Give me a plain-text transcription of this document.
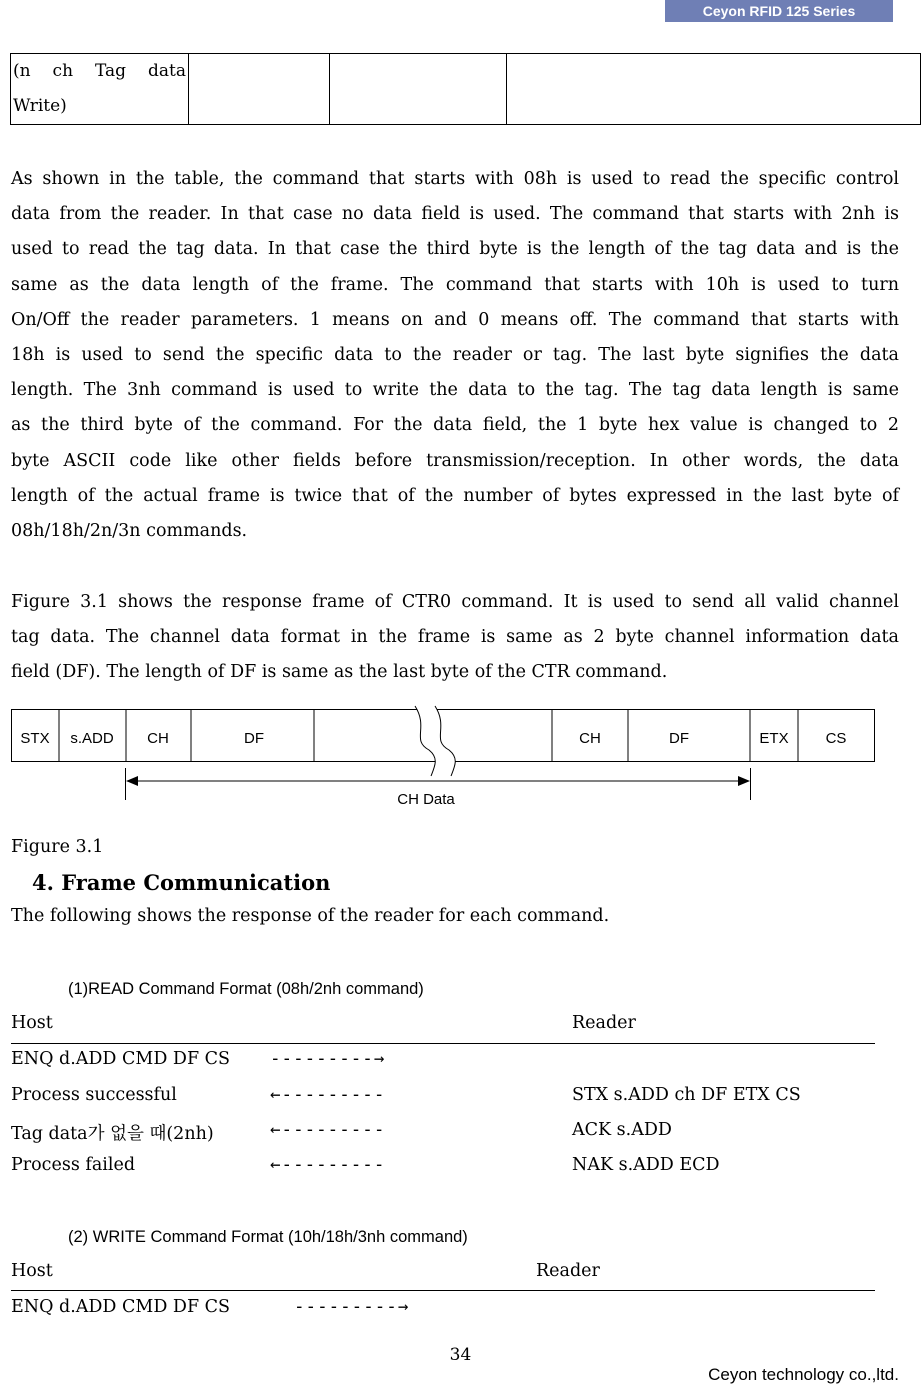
Ceyon RFID 125 Series
(n ch Tag data
Write)

As shown in the table, the command that starts with 08h is used to read the specific control
data from the reader. In that case no data field is used. The command that starts with 2nh is
used to read the tag data. In that case the third byte is the length of the tag data and is the
same as the data length of the frame. The command that starts with 10h is used to turn
On/Off the reader parameters. 1 means on and 0 means off. The command that starts with
18h is used to send the specific data to the reader or tag. The last byte signifies the data
length. The 3nh command is used to write the data to the tag. The tag data length is same
as the third byte of the command. For the data field, the 1 byte hex value is changed to 2
byte ASCII code like other fields before transmission/reception. In other words, the data
length of the actual frame is twice that of the number of bytes expressed in the last byte of
08h/18h/2n/3n commands.
Figure 3.1 shows the response frame of CTR0 command. It is used to send all valid channel
tag data. The channel data format in the frame is same as 2 byte channel information data
field (DF). The length of DF is same as the last byte of the CTR command.
STX s.ADD CH	DF	CH	DF	ETX CS
CH Data
Figure 3.1
4. Frame Communication
The following shows the response of the reader for each command.
(1)READ Command Format (08h/2nh command)
Host	Reader
ENQ d.ADD CMD DF CS ---------→
Process successful	←---------	STX s.ADD ch DF ETX CS
Tag data가 없을 때(2nh)	←---------	ACK s.ADD
Process failed	←---------	NAK s.ADD ECD
(2) WRITE Command Format (10h/18h/3nh command)
Host	Reader
ENQ d.ADD CMD DF CS	---------→
34
Ceyon technology co.,ltd.
